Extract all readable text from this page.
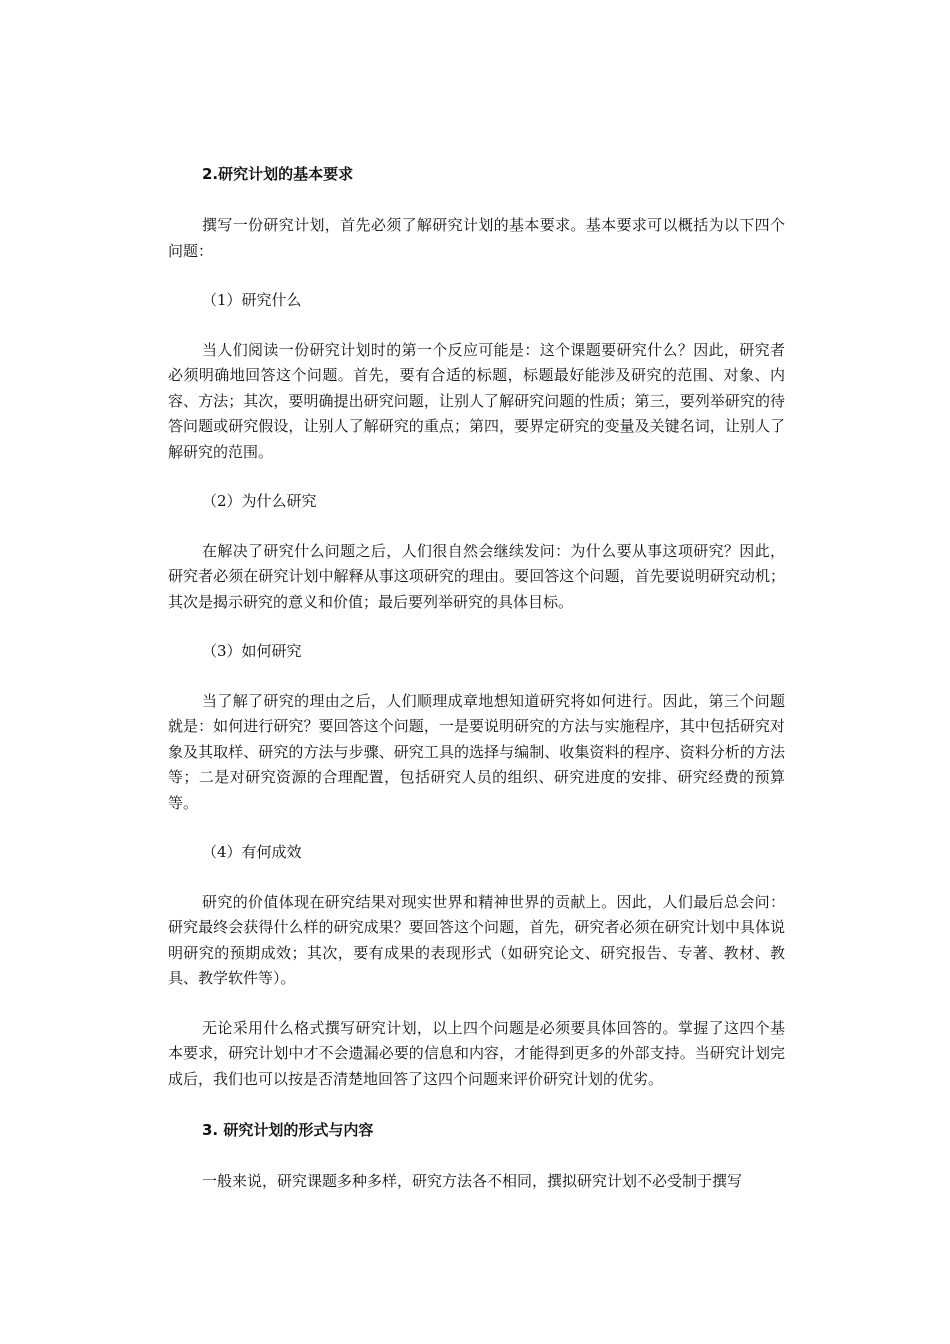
2.研究计划的基本要求
撰写一份研究计划，首先必须了解研究计划的基本要求。基本要求可以概括为以下四个问题：
（1）研究什么
当人们阅读一份研究计划时的第一个反应可能是：这个课题要研究什么？因此，研究者必须明确地回答这个问题。首先，要有合适的标题，标题最好能涉及研究的范围、对象、内容、方法；其次，要明确提出研究问题，让别人了解研究问题的性质；第三，要列举研究的待答问题或研究假设，让别人了解研究的重点；第四，要界定研究的变量及关键名词，让别人了解研究的范围。
（2）为什么研究
在解决了研究什么问题之后，人们很自然会继续发问：为什么要从事这项研究？因此，研究者必须在研究计划中解释从事这项研究的理由。要回答这个问题，首先要说明研究动机；其次是揭示研究的意义和价值；最后要列举研究的具体目标。
（3）如何研究
当了解了研究的理由之后，人们顺理成章地想知道研究将如何进行。因此，第三个问题就是：如何进行研究？要回答这个问题，一是要说明研究的方法与实施程序，其中包括研究对象及其取样、研究的方法与步骤、研究工具的选择与编制、收集资料的程序、资料分析的方法等；二是对研究资源的合理配置，包括研究人员的组织、研究进度的安排、研究经费的预算等。
（4）有何成效
研究的价值体现在研究结果对现实世界和精神世界的贡献上。因此，人们最后总会问：研究最终会获得什么样的研究成果？要回答这个问题，首先，研究者必须在研究计划中具体说明研究的预期成效；其次，要有成果的表现形式（如研究论文、研究报告、专著、教材、教具、教学软件等）。
无论采用什么格式撰写研究计划，以上四个问题是必须要具体回答的。掌握了这四个基本要求，研究计划中才不会遗漏必要的信息和内容，才能得到更多的外部支持。当研究计划完成后，我们也可以按是否清楚地回答了这四个问题来评价研究计划的优劣。
3. 研究计划的形式与内容
一般来说，研究课题多种多样，研究方法各不相同，撰拟研究计划不必受制于撰写
